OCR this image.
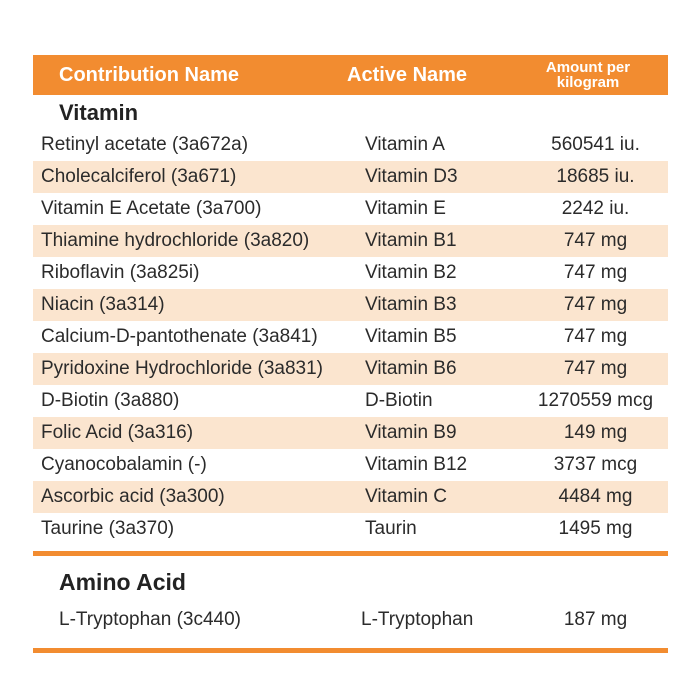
Contribution Name	Active Name	Amount per
kilogram
Vitamin
Retinyl acetate (3a672a)	Vitamin A	560541 iu.
Cholecalciferol (3a671)	Vitamin D3	18685 iu.
Vitamin E Acetate (3a700)	Vitamin E	2242 iu.
Thiamine hydrochloride (3a820)	Vitamin B1	747 mg
Riboflavin (3a825i)	Vitamin B2	747 mg
Niacin (3a314)	Vitamin B3	747 mg
Calcium-D-pantothenate (3a841)	Vitamin B5	747 mg
Pyridoxine Hydrochloride (3a831)	Vitamin B6	747 mg
D-Biotin (3a880)	D-Biotin	1270559 mcg
Folic Acid (3a316)	Vitamin B9	149 mg
Cyanocobalamin (-)	Vitamin B12	3737 mcg
Ascorbic acid (3a300)	Vitamin C	4484 mg
Taurine (3a370)	Taurin	1495 mg
Amino Acid
L-Tryptophan (3c440)	L-Tryptophan	187 mg
